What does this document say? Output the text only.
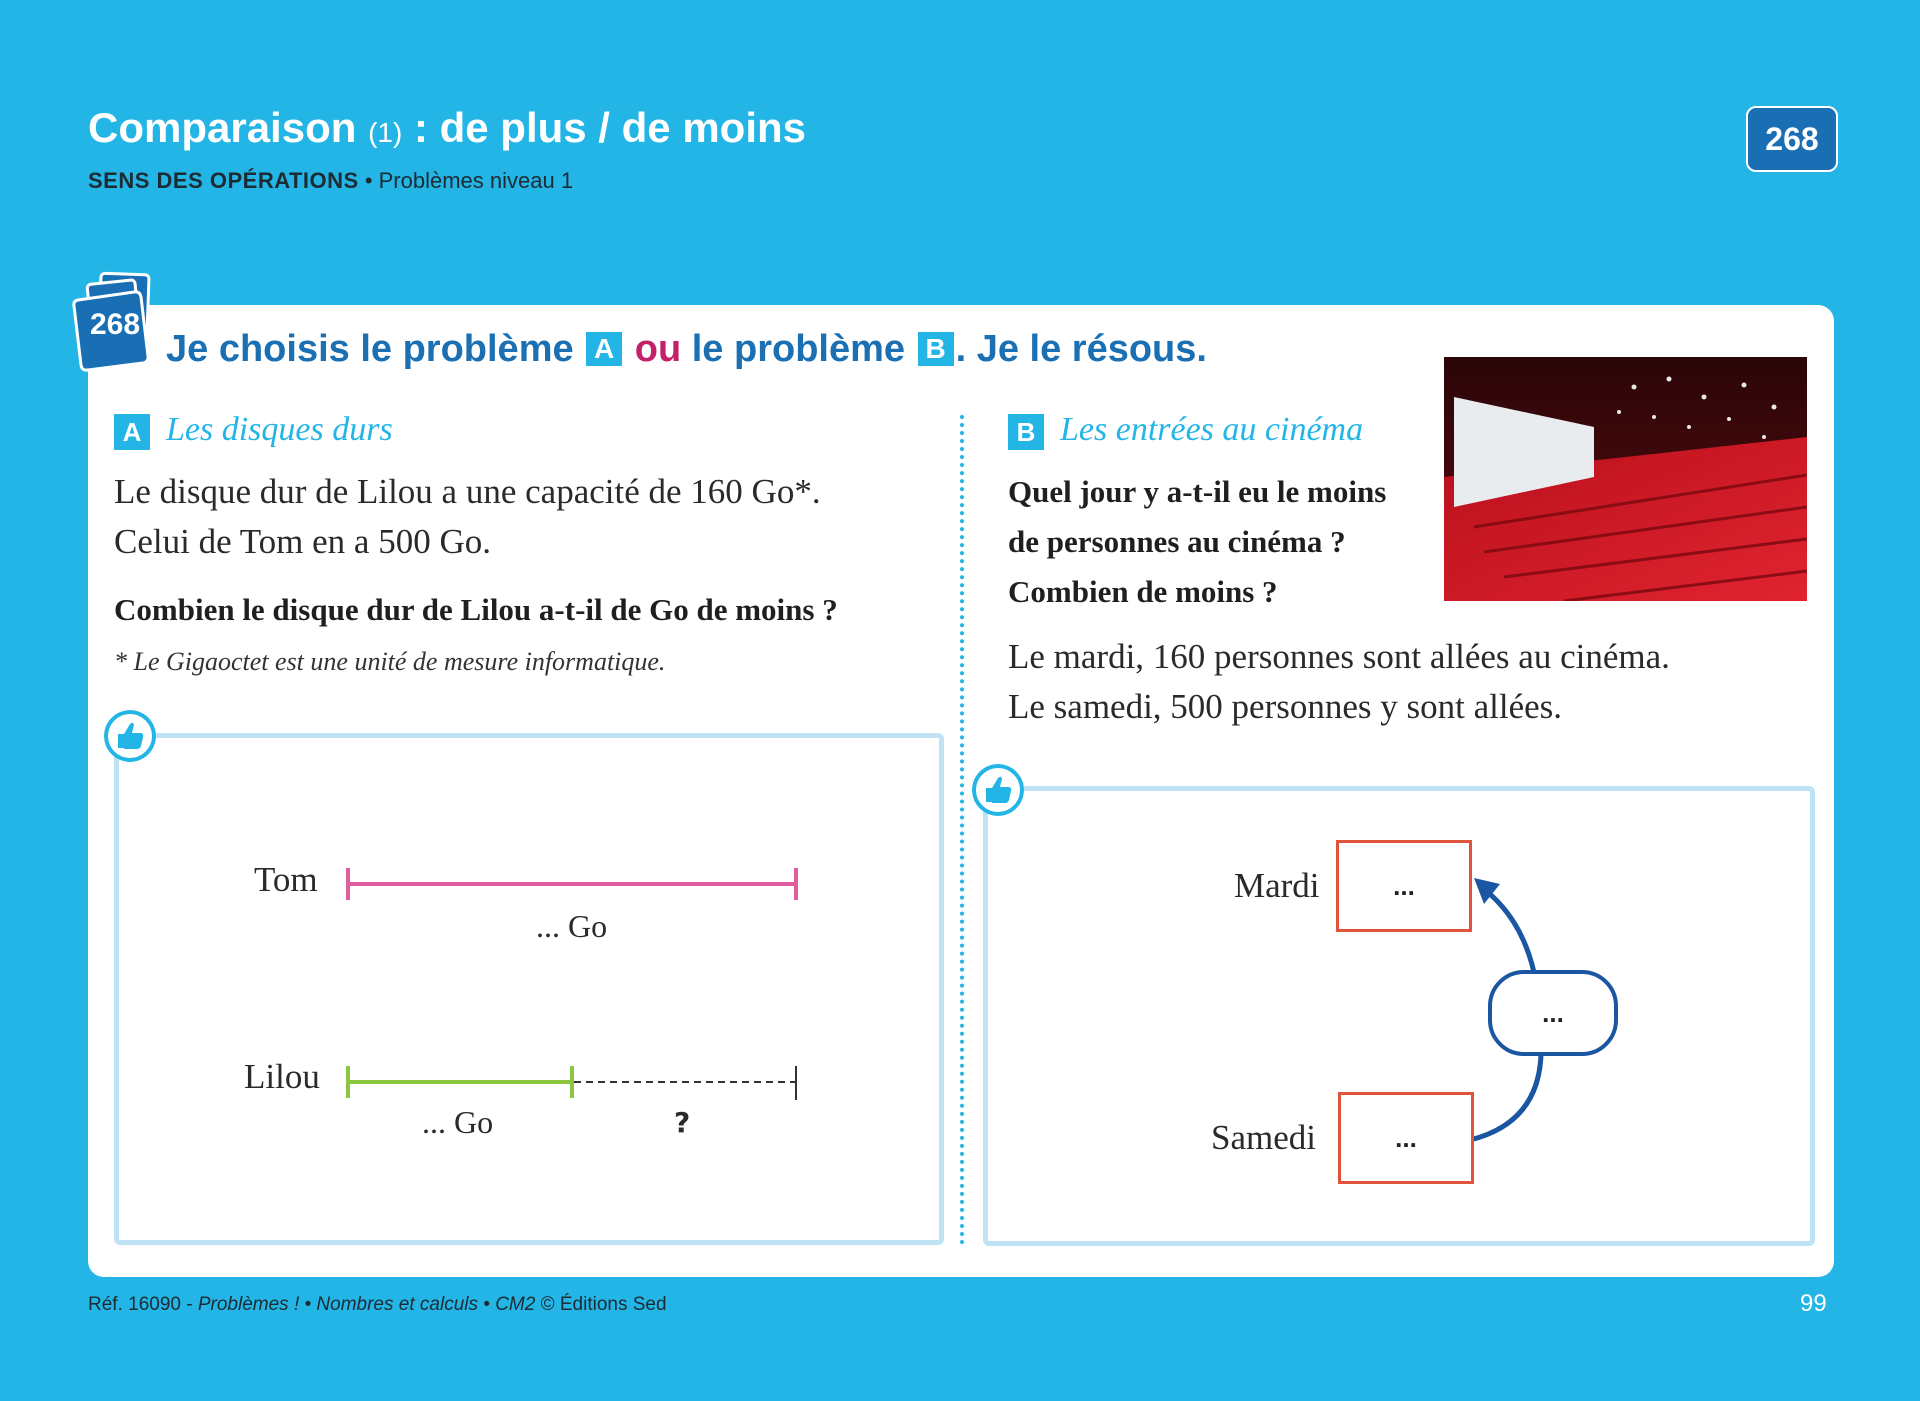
Comparaison (1) : de plus / de moins
SENS DES OPÉRATIONS • Problèmes niveau 1
268
268
Je choisis le problème A ou le problème B . Je le résous.
A Les disques durs
Le disque dur de Lilou a une capacité de 160 Go*.
Celui de Tom en a 500 Go.
Combien le disque dur de Lilou a-t-il de Go de moins ?
* Le Gigaoctet est une unité de mesure informatique.
Tom
... Go
Lilou
... Go	?
B Les entrées au cinéma
Quel jour y a-t-il eu le moins
de personnes au cinéma ?
Combien de moins ?
Le mardi, 160 personnes sont allées au cinéma.
Le samedi, 500 personnes y sont allées.
Mardi	...
...
Samedi	...
Réf. 16090 - Problèmes ! • Nombres et calculs • CM2 © Éditions Sed	99
